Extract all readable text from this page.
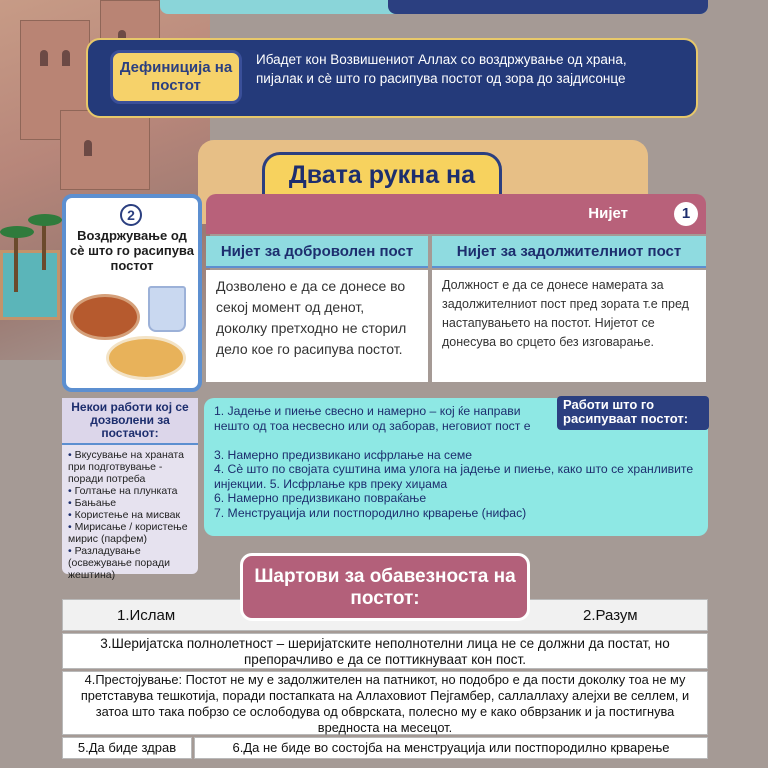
Дефиниција на постот
Ибадет кон Возвишениот Аллах со воздржување од храна, пијалак и сè што го расипува постот од зора до зајдисонце
Двата рукна на
2
Воздржување од сè што го расипува постот
Нијет	1
Нијет за доброволен пост	Нијет за задолжителниот пост
Дозволено е да се донесе во секој момент од денот, доколку претходно не сторил дело кое го расипува постот.
Должност е да се донесе намерата за задолжителниот пост пред зората т.е пред настапувањето на постот. Нијетот се донесува во срцето без изговарање.
Некои работи кој се дозволени за постачот:
• Вкусување на храната при подготвување - поради потреба
• Голтање на плунката
• Бањање
• Користење на мисвак
• Мирисање / користење мирис (парфем)
• Разладување (освежување поради жештина)
1. Јадење и пиење свесно и намерно – кој ќе направи нешто од тоа несвесно или од заборав, неговиот пост е
3. Намерно предизвикано исфрлање на семе
4. Сè што по својата суштина има улога на јадење и пиење, како што се хранливите инјекции. 5. Исфрлање крв преку хиџама
6. Намерно предизвикано повраќање
7. Менструација или постпородилно крварење (нифас)
Работи што го расипуваат постот:
Шартови за обавезноста на постот:
1.Ислам	2.Разум
3.Шеријатска полнолетност – шеријатските неполнотелни лица не се должни да постат, но препорачливо е да се поттикнуваат кон пост.
4.Престојување: Постот не му е задолжителен на патникот, но подобро е да пости доколку тоа не му претставува тешкотија, поради постапката на Аллаховиот Пејгамбер, саллаллаху алејхи ве селлем, и затоа што така побрзо се ослободува од обврската, полесно му е како обврзаник и ја постигнува вредноста на месецот.
5.Да биде здрав	6.Да не биде во состојба на менструација или постпородилно крварење
